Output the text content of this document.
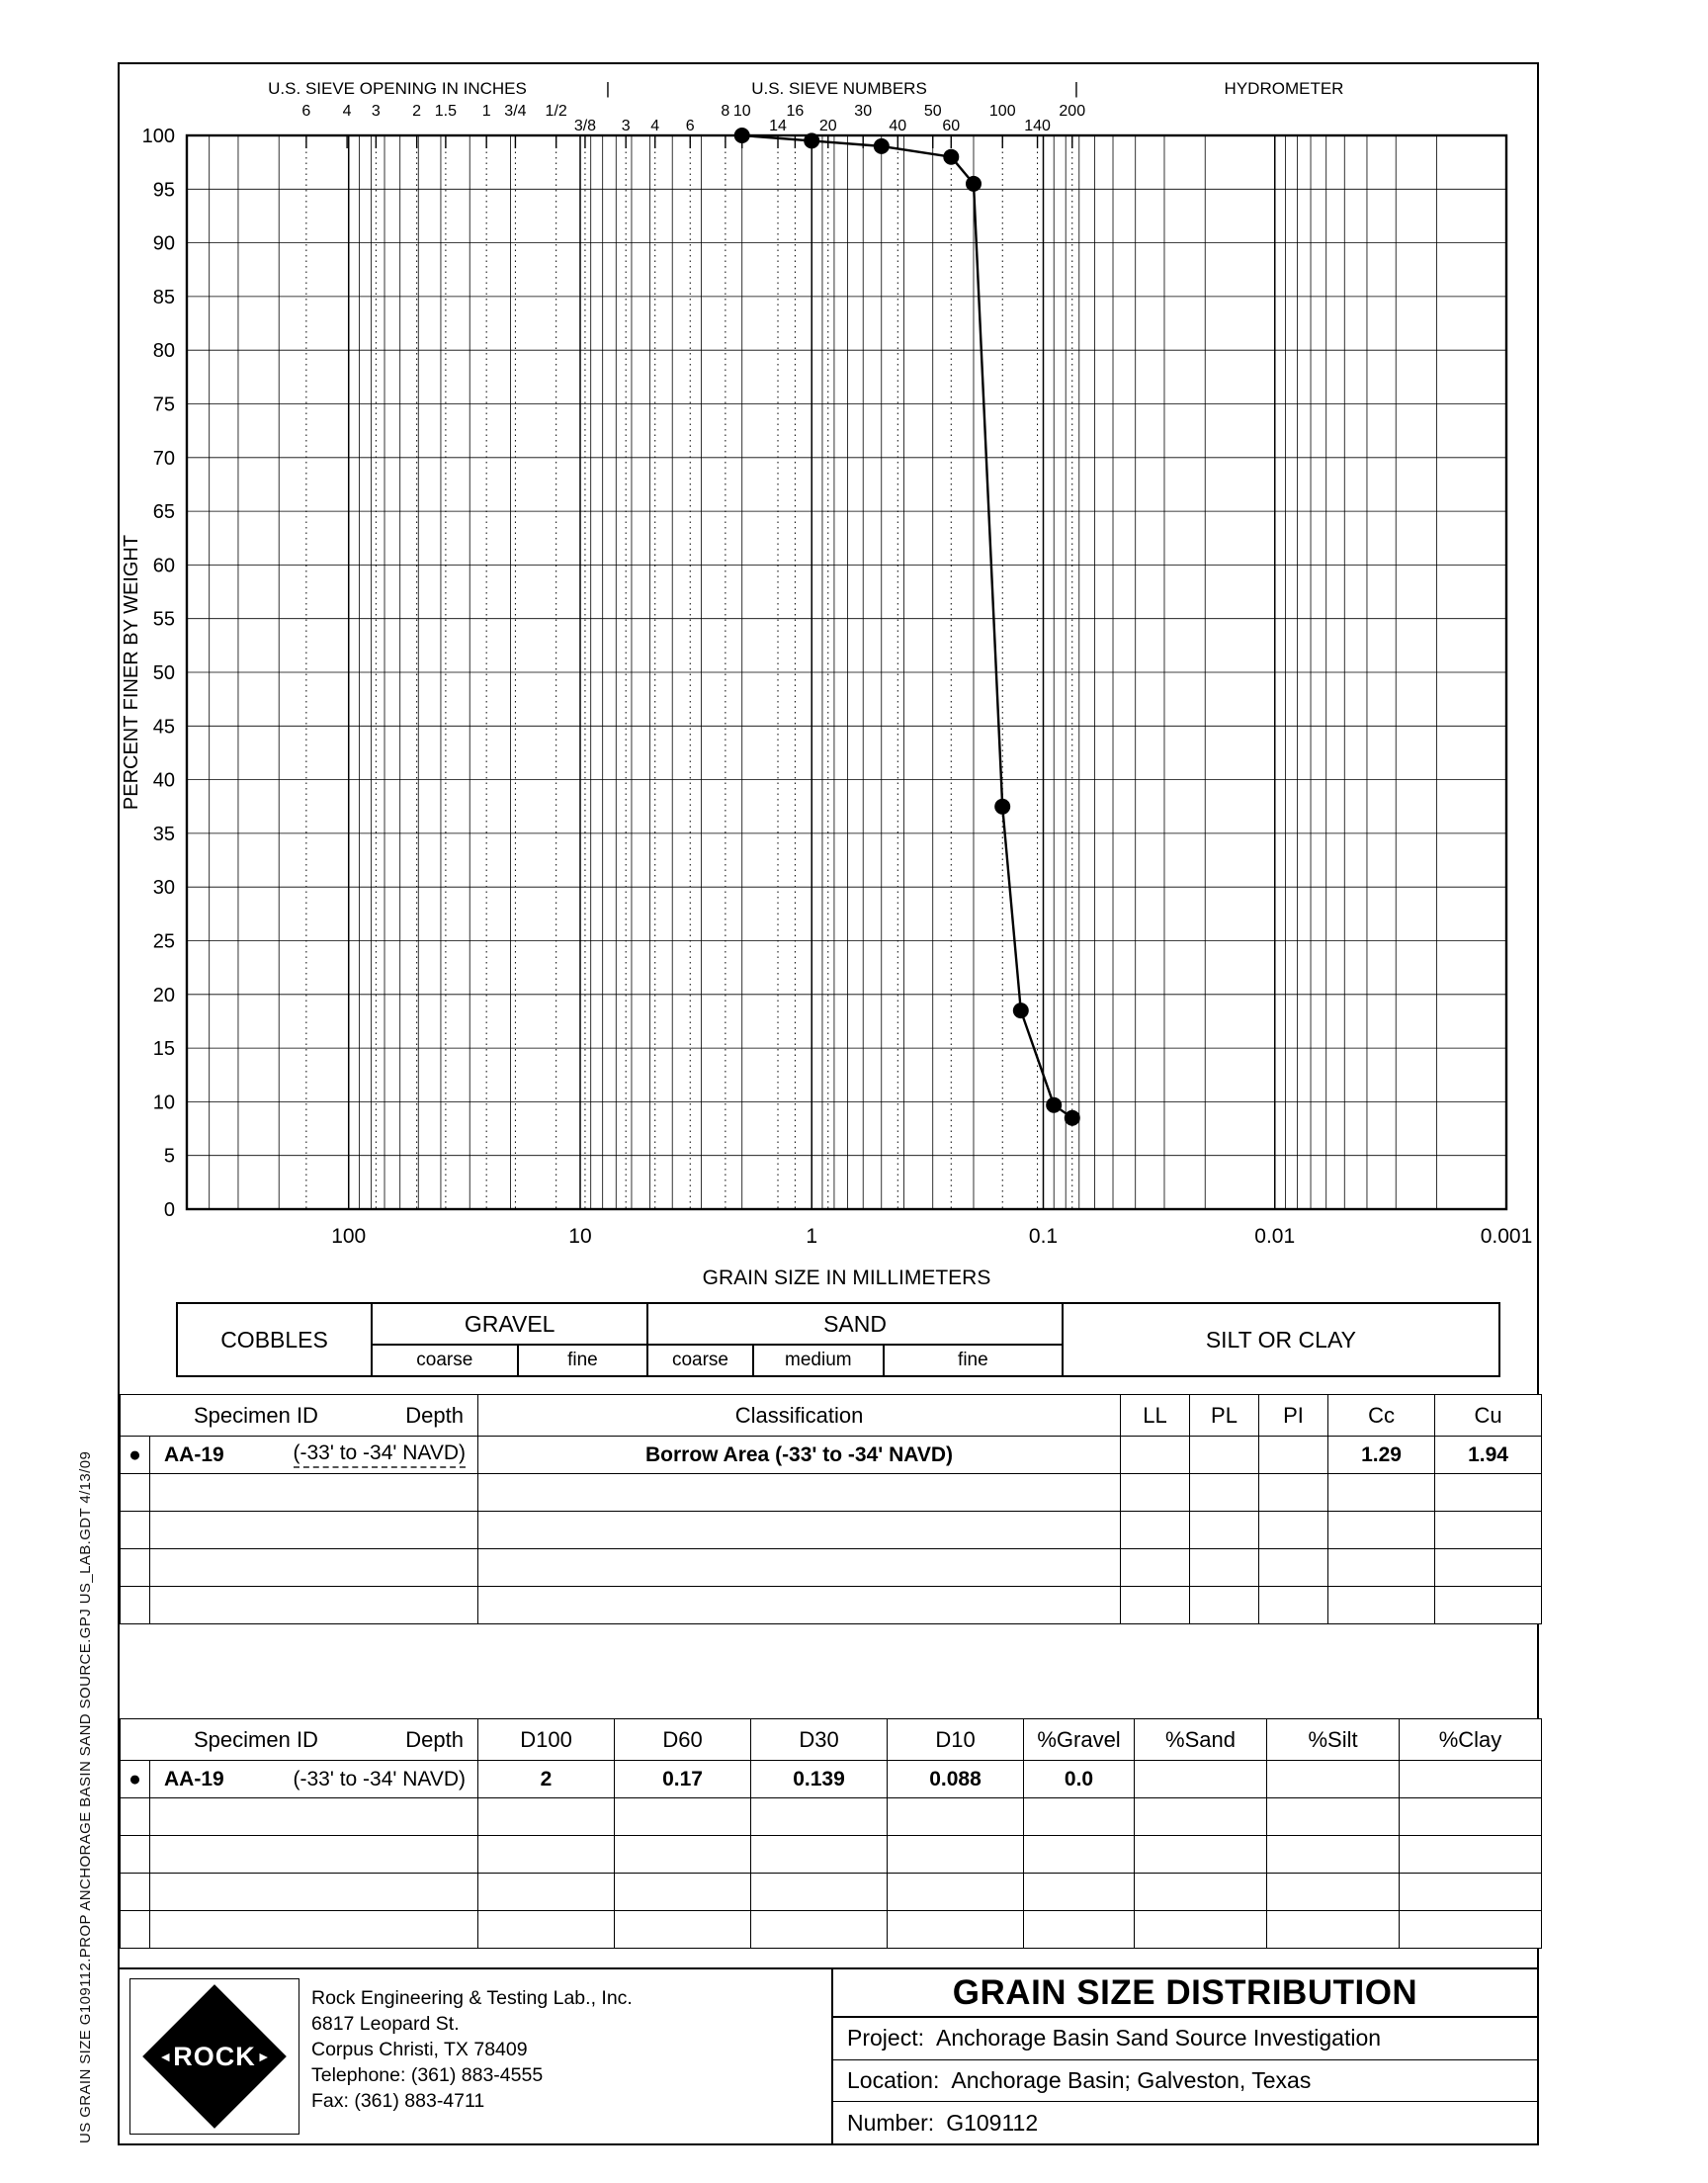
US GRAIN SIZE G109112.PROP ANCHORAGE BASIN SAND SOURCE.GPJ US_LAB.GDT 4/13/09
6 4 3 2 1.5 1 3/4 1/2
3/8 3 4 6
8 10
14
16
20
30
40
50
60
100
140
200
0
5
10
15
20
25
30
35
40
45
50
55
60
65
70
75
80
85
90
95
100
PERCENT FINER BY WEIGHT
U.S. SIEVE OPENING IN INCHES	U.S. SIEVE NUMBERS	HYDROMETER
|	|
100	10	1	0.1	0.01	0.001
GRAIN SIZE IN MILLIMETERS
COBBLES
GRAVEL
coarse	fine
SAND
coarse	medium	fine
SILT OR CLAY
Specimen ID Depth		Classification	LL	PL	PI	Cc	Cu
●	AA-19 (-33' to -34' NAVD)	Borrow Area (-33' to -34' NAVD)				1.29	1.94

Specimen ID Depth		D100	D60	D30	D10	%Gravel	%Sand	%Silt	%Clay
●	AA-19 (-33' to -34' NAVD)	2	0.17	0.139	0.088	0.0			

◄ ROCK ►
Rock Engineering & Testing Lab., Inc.
6817 Leopard St.
Corpus Christi, TX 78409
Telephone: (361) 883-4555
Fax: (361) 883-4711
GRAIN SIZE DISTRIBUTION
Project: Anchorage Basin Sand Source Investigation
Location: Anchorage Basin; Galveston, Texas
Number: G109112
